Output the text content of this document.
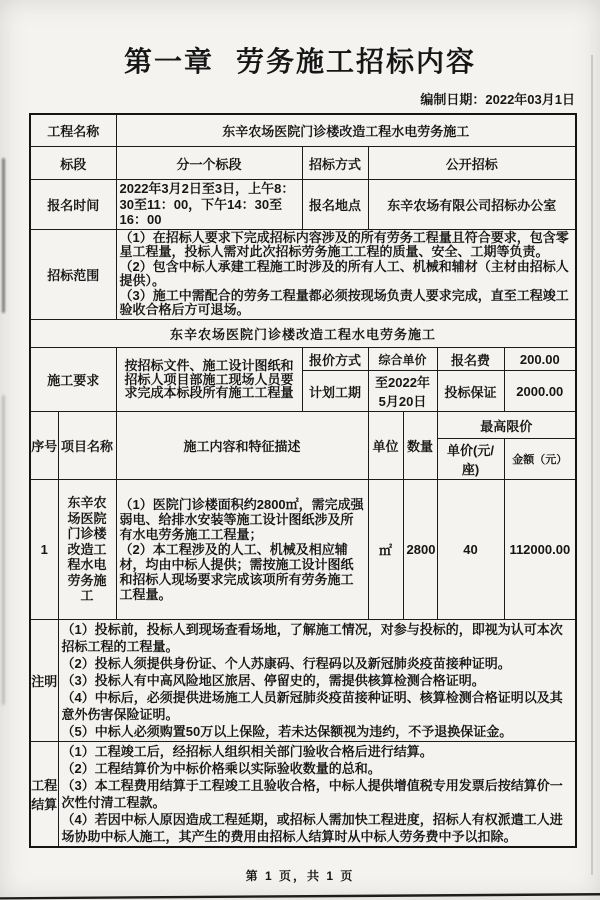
第一章 劳务施工招标内容
编制日期：2022年03月1日
工程名称		东辛农场医院门诊楼改造工程水电劳务施工					
标段		分一个标段	招标方式	公开招标			
报名时间		2022年3月2日至3日，上午8：30至11：00，下午14：30至16：00	报名地点	东辛农场有限公司招标办公室			
招标范围		（1）在招标人要求下完成招标内容涉及的所有劳务工程量且符合要求，包含零星工程量，投标人需对此次招标劳务施工工程的质量、安全、工期等负责。
（2）包含中标人承建工程施工时涉及的所有人工、机械和辅材（主材由招标人提供）。
（3）施工中需配合的劳务工程量都必须按现场负责人要求完成，直至工程竣工验收合格后方可退场。					

东辛农场医院门诊楼改造工程水电劳务施工							
施工要求		按招标文件、施工设计图纸和招标人项目部施工现场人员要求完成本标段所有施工工程量	报价方式	综合单价		报名费	200.00
			计划工期	至2022年5月20日		投标保证	2000.00
序号	项目名称	施工内容和特征描述		单位	数量	最高限价	
						单价(元/座)	金额（元）
1	东辛农场医院门诊楼改造工程水电劳务施工	（1）医院门诊楼面积约2800㎡，需完成强弱电、给排水安装等施工设计图纸涉及所有水电劳务施工工程量；
（2）本工程涉及的人工、机械及相应辅材，均由中标人提供；需按施工设计图纸和招标人现场要求完成该项所有劳务施工工程量。		㎡	2800	40	112000.00
注明	（1）投标前，投标人到现场查看场地，了解施工情况，对参与投标的，即视为认可本次招标工程的工程量。
（2）投标人须提供身份证、个人苏康码、行程码以及新冠肺炎疫苗接种证明。
（3）投标人有中高风险地区旅居、停留史的，需提供核算检测合格证明。
（4）中标后，必须提供进场施工人员新冠肺炎疫苗接种证明、核算检测合格证明以及其意外伤害保险证明。
（5）中标人必须购置50万以上保险，若未达保额视为违约，不予退换保证金。						

工程结算	（1）工程竣工后，经招标人组织相关部门验收合格后进行结算。
（2）工程结算价为中标价格乘以实际验收数量的总和。
（3）本工程费用结算于工程竣工且验收合格，中标人提供增值税专用发票后按结算价一次性付清工程款。
（4）若因中标人原因造成工程延期，或招标人需加快工程进度，招标人有权派遣工人进场协助中标人施工，其产生的费用由招标人结算时从中标人劳务费中予以扣除。						
第 1 页，共 1 页
